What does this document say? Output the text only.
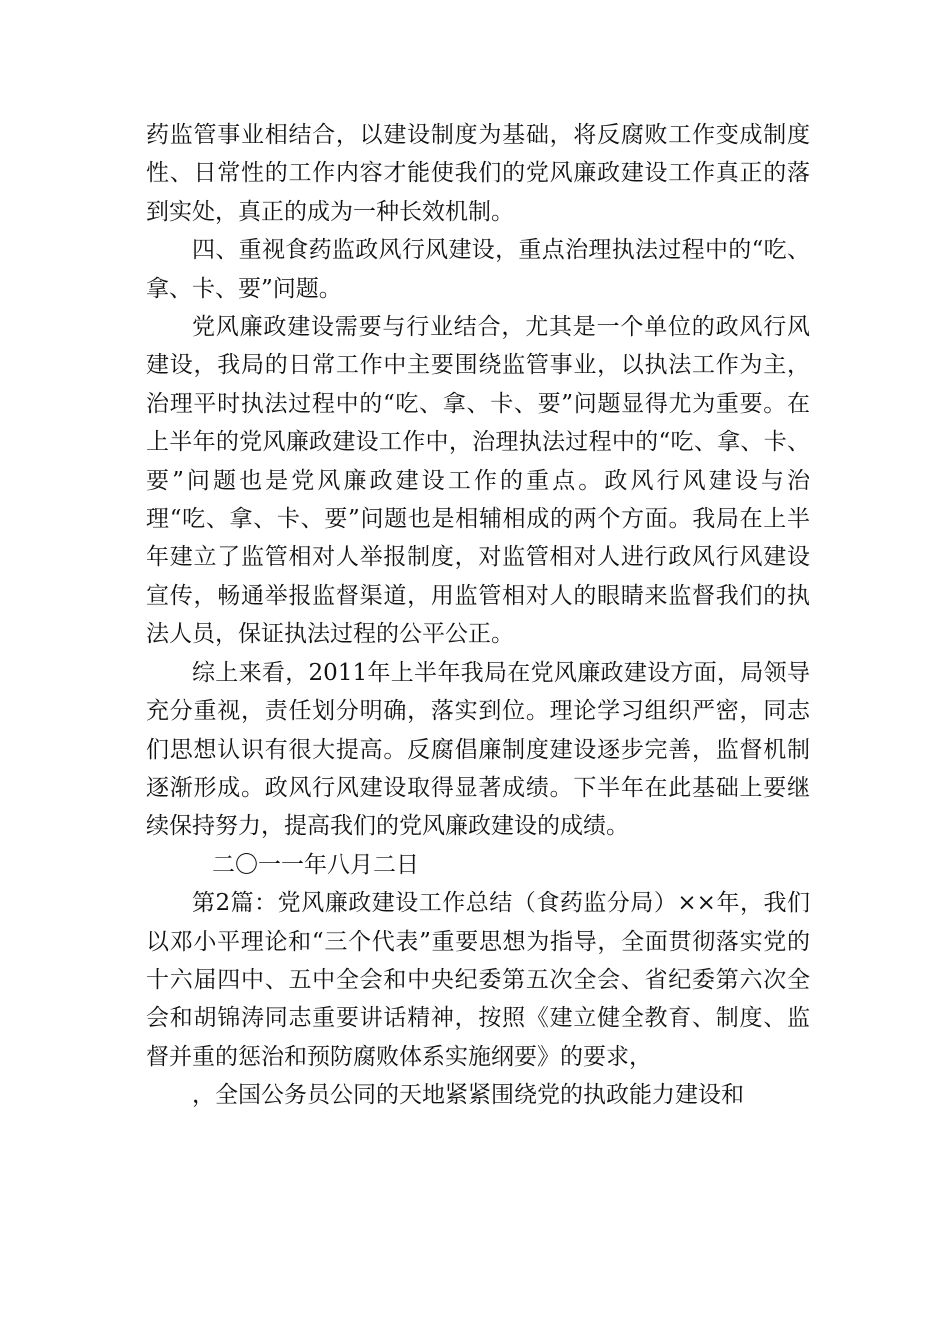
药监管事业相结合，以建设制度为基础，将反腐败工作变成制度性、日常性的工作内容才能使我们的党风廉政建设工作真正的落到实处，真正的成为一种长效机制。

四、重视食药监政风行风建设，重点治理执法过程中的“吃、拿、卡、要”问题。

党风廉政建设需要与行业结合，尤其是一个单位的政风行风建设，我局的日常工作中主要围绕监管事业，以执法工作为主，治理平时执法过程中的“吃、拿、卡、要”问题显得尤为重要。在上半年的党风廉政建设工作中，治理执法过程中的“吃、拿、卡、要”问题也是党风廉政建设工作的重点。政风行风建设与治理“吃、拿、卡、要”问题也是相辅相成的两个方面。我局在上半年建立了监管相对人举报制度，对监管相对人进行政风行风建设宣传，畅通举报监督渠道，用监管相对人的眼睛来监督我们的执法人员，保证执法过程的公平公正。

综上来看，2011年上半年我局在党风廉政建设方面，局领导充分重视，责任划分明确，落实到位。理论学习组织严密，同志们思想认识有很大提高。反腐倡廉制度建设逐步完善，监督机制逐渐形成。政风行风建设取得显著成绩。下半年在此基础上要继续保持努力，提高我们的党风廉政建设的成绩。

二〇一一年八月二日

第2篇：党风廉政建设工作总结（食药监分局）××年，我们以邓小平理论和“三个代表”重要思想为指导，全面贯彻落实党的十六届四中、五中全会和中央纪委第五次全会、省纪委第六次全会和胡锦涛同志重要讲话精神，按照《建立健全教育、制度、监督并重的惩治和预防腐败体系实施纲要》的要求，

，全国公务员公同的天地紧紧围绕党的执政能力建设和
